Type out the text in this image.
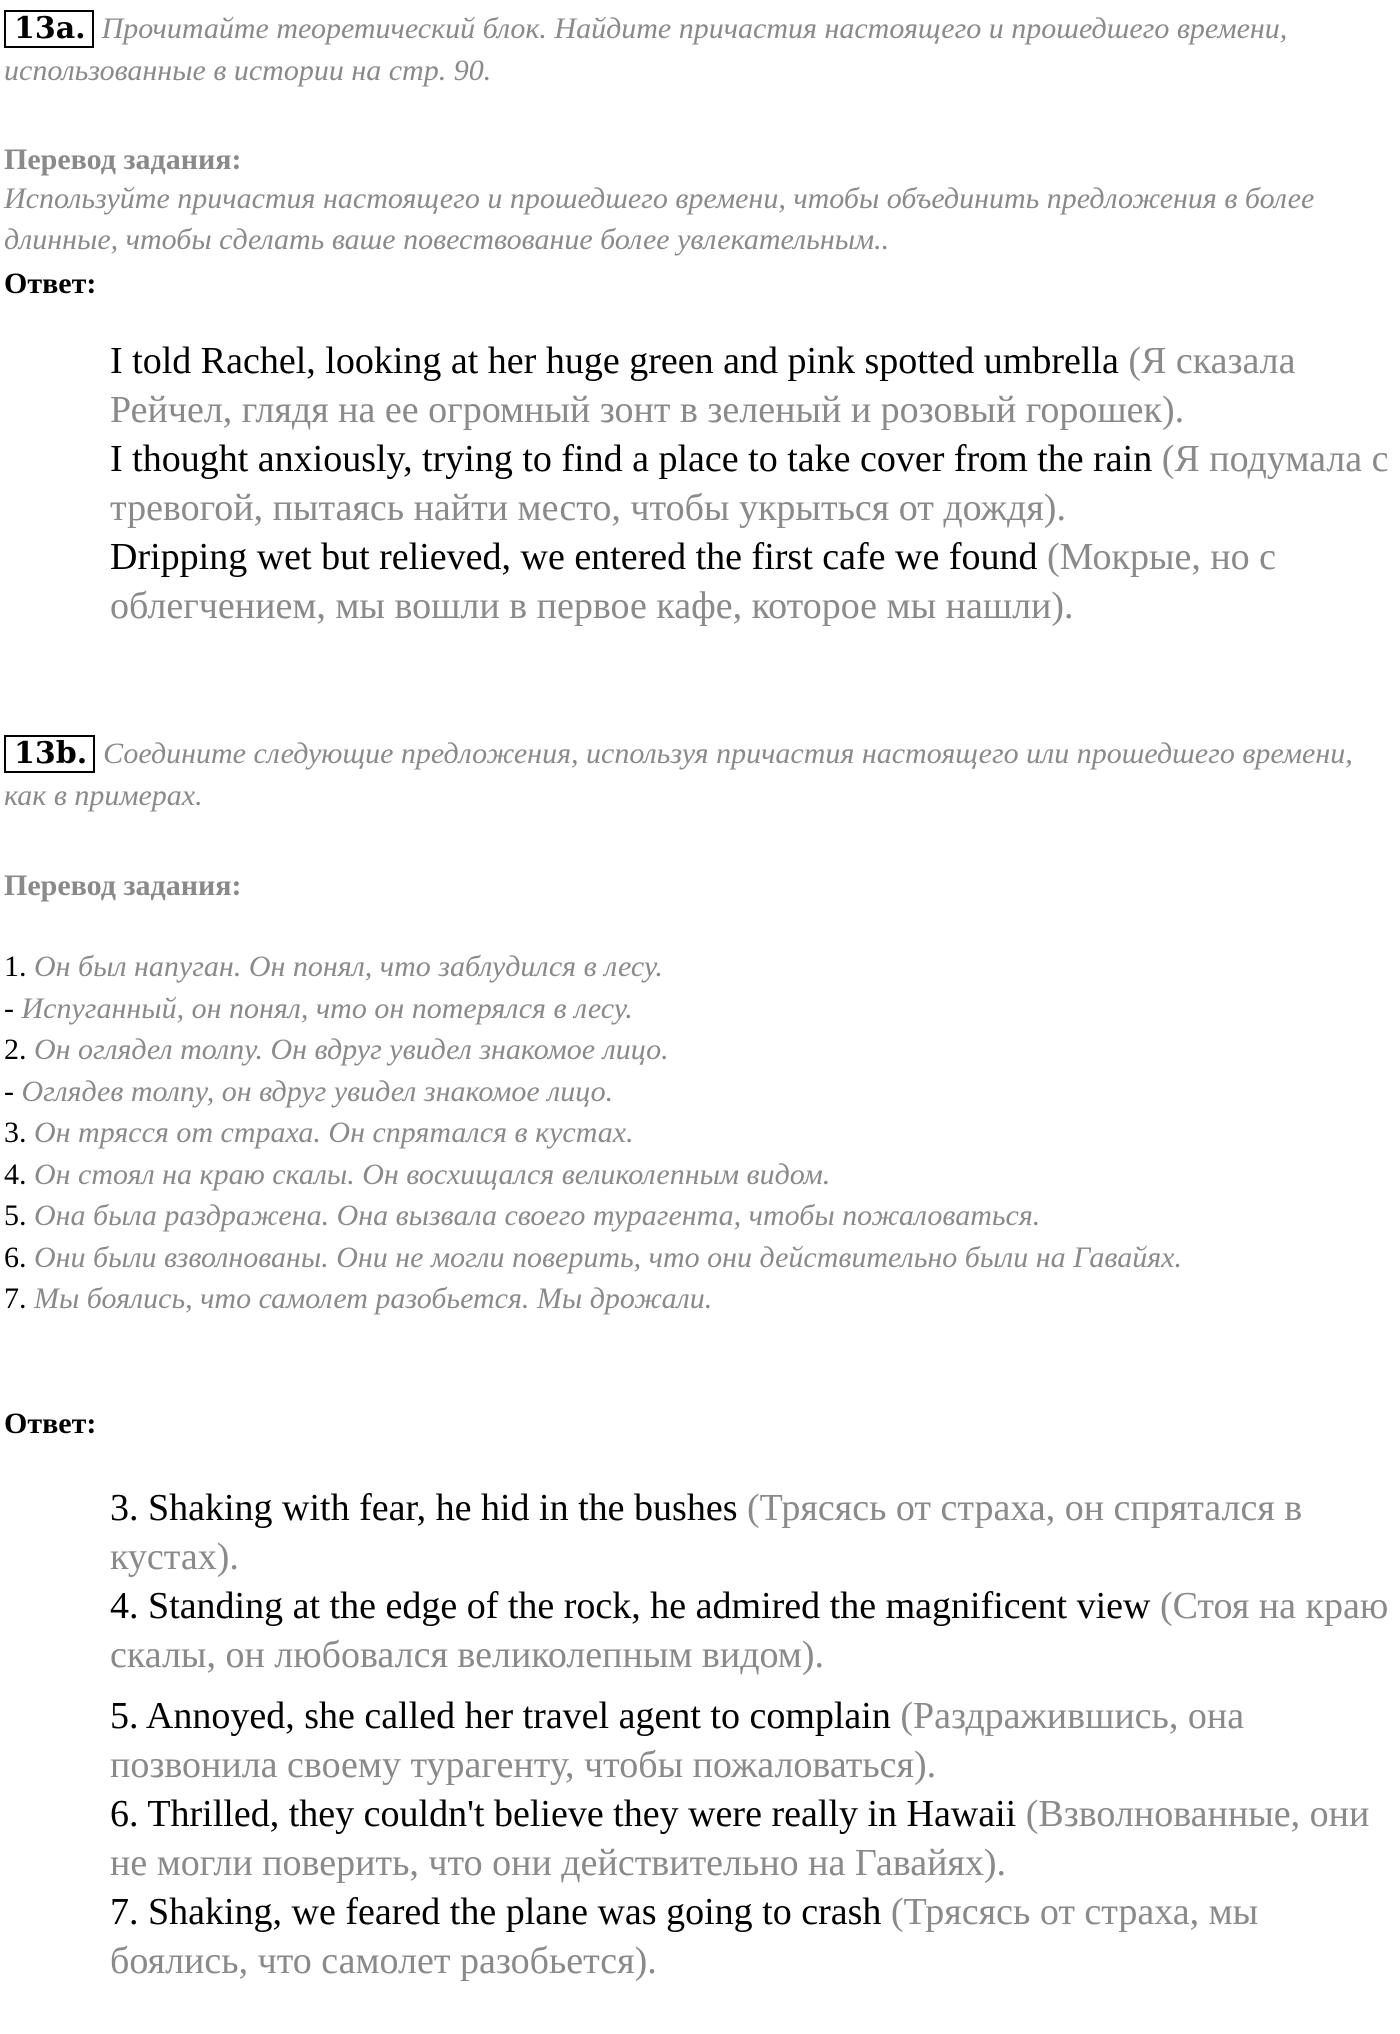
13a. Прочитайте теоретический блок. Найдите причастия настоящего и прошедшего времени, использованные в истории на стр. 90.
Перевод задания:
Используйте причастия настоящего и прошедшего времени, чтобы объединить предложения в более длинные, чтобы сделать ваше повествование более увлекательным..
Ответ:

I told Rachel, looking at her huge green and pink spotted umbrella (Я сказала Рейчел, глядя на ее огромный зонт в зеленый и розовый горошек).

I thought anxiously, trying to find a place to take cover from the rain (Я подумала с тревогой, пытаясь найти место, чтобы укрыться от дождя).

Dripping wet but relieved, we entered the first cafe we found (Мокрые, но с облегчением, мы вошли в первое кафе, которое мы нашли).

13b. Соедините следующие предложения, используя причастия настоящего или прошедшего времени, как в примерах.
Перевод задания:

1. Он был напуган. Он понял, что заблудился в лесу.

- Испуганный, он понял, что он потерялся в лесу.

2. Он оглядел толпу. Он вдруг увидел знакомое лицо.

- Оглядев толпу, он вдруг увидел знакомое лицо.

3. Он трясся от страха. Он спрятался в кустах.

4. Он стоял на краю скалы. Он восхищался великолепным видом.

5. Она была раздражена. Она вызвала своего турагента, чтобы пожаловаться.

6. Они были взволнованы. Они не могли поверить, что они действительно были на Гавайях.

7. Мы боялись, что самолет разобьется. Мы дрожали.

Ответ:

3. Shaking with fear, he hid in the bushes (Трясясь от страха, он спрятался в кустах).

4. Standing at the edge of the rock, he admired the magnificent view (Стоя на краю скалы, он любовался великолепным видом).

5. Annoyed, she called her travel agent to complain (Раздражившись, она позвонила своему турагенту, чтобы пожаловаться).

6. Thrilled, they couldn't believe they were really in Hawaii (Взволнованные, они не могли поверить, что они действительно на Гавайях).

7. Shaking, we feared the plane was going to crash (Трясясь от страха, мы боялись, что самолет разобьется).
